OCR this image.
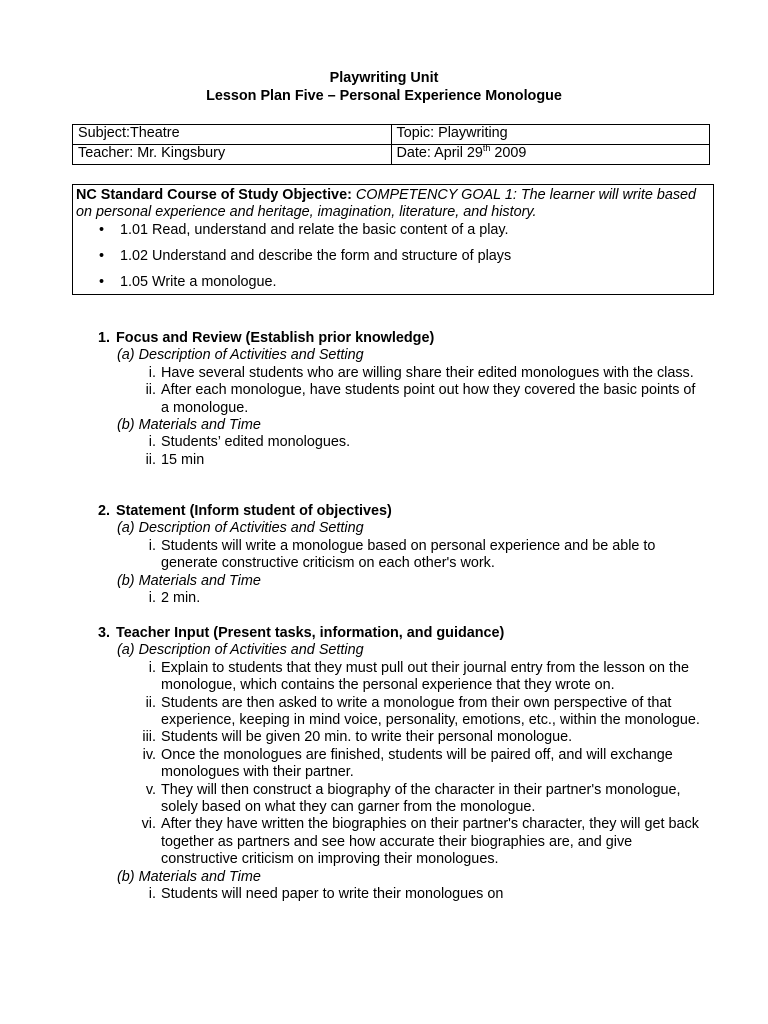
Playwriting Unit
Lesson Plan Five – Personal Experience Monologue
Subject:Theatre	Topic: Playwriting
Teacher: Mr. Kingsbury	Date: April 29th 2009

NC Standard Course of Study Objective: COMPETENCY GOAL 1: The learner will write based on personal experience and heritage, imagination, literature, and history.

• 1.01 Read, understand and relate the basic content of a play.
• 1.02 Understand and describe the form and structure of plays
• 1.05 Write a monologue.
1. Focus and Review (Establish prior knowledge)
(a) Description of Activities and Setting
i. Have several students who are willing share their edited monologues with the class.
ii. After each monologue, have students point out how they covered the basic points of a monologue.
(b) Materials and Time
i. Students’ edited monologues.
ii. 15 min
2. Statement (Inform student of objectives)
(a) Description of Activities and Setting
i. Students will write a monologue based on personal experience and be able to generate constructive criticism on each other's work.
(b) Materials and Time
i. 2 min.
3. Teacher Input (Present tasks, information, and guidance)
(a) Description of Activities and Setting
i. Explain to students that they must pull out their journal entry from the lesson on the monologue, which contains the personal experience that they wrote on.
ii. Students are then asked to write a monologue from their own perspective of that experience, keeping in mind voice, personality, emotions, etc., within the monologue.
iii. Students will be given 20 min. to write their personal monologue.
iv. Once the monologues are finished, students will be paired off, and will exchange monologues with their partner.
v. They will then construct a biography of the character in their partner's monologue, solely based on what they can garner from the monologue.
vi. After they have written the biographies on their partner's character, they will get back together as partners and see how accurate their biographies are, and give constructive criticism on improving their monologues.
(b) Materials and Time
i. Students will need paper to write their monologues on
